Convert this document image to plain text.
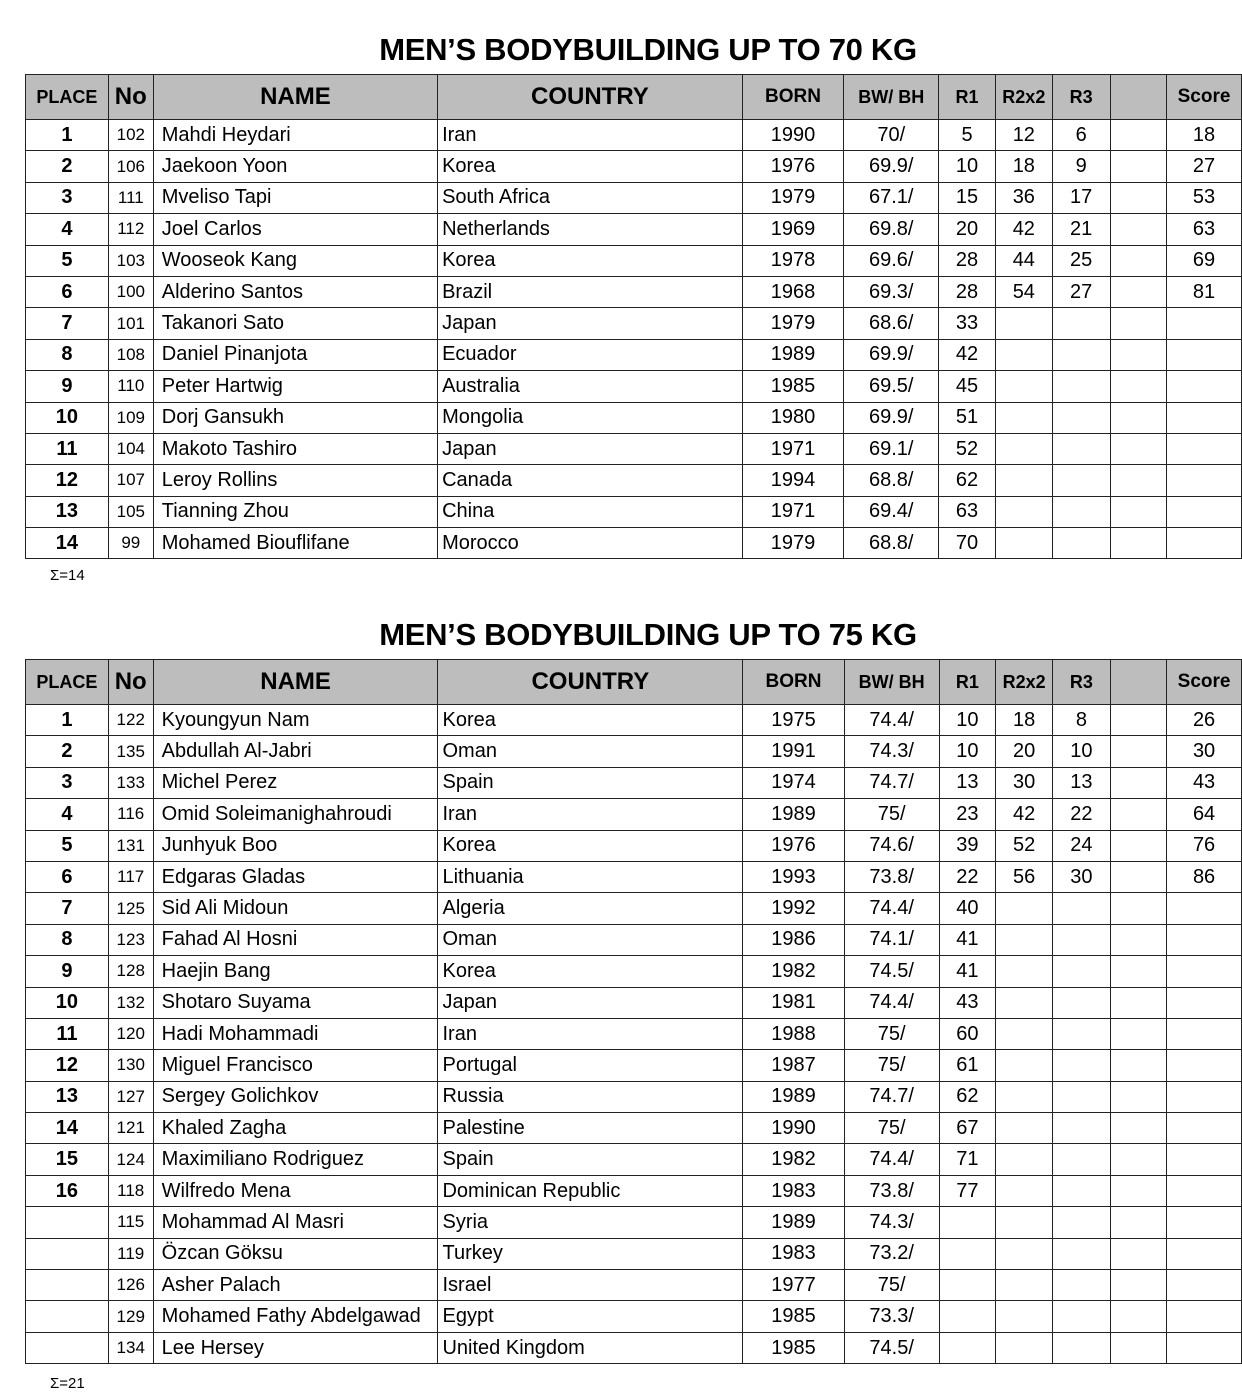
MEN’S BODYBUILDING UP TO 70 KG
PLACE	No	NAME	COUNTRY	BORN	BW/ BH	R1	R2x2	R3		Score
1	102	Mahdi Heydari	Iran	1990	70/	5	12	6		18
2	106	Jaekoon Yoon	Korea	1976	69.9/	10	18	9		27
3	111	Mveliso Tapi	South Africa	1979	67.1/	15	36	17		53
4	112	Joel Carlos	Netherlands	1969	69.8/	20	42	21		63
5	103	Wooseok Kang	Korea	1978	69.6/	28	44	25		69
6	100	Alderino Santos	Brazil	1968	69.3/	28	54	27		81
7	101	Takanori Sato	Japan	1979	68.6/	33				
8	108	Daniel Pinanjota	Ecuador	1989	69.9/	42				
9	110	Peter Hartwig	Australia	1985	69.5/	45				
10	109	Dorj Gansukh	Mongolia	1980	69.9/	51				
11	104	Makoto Tashiro	Japan	1971	69.1/	52				
12	107	Leroy Rollins	Canada	1994	68.8/	62				
13	105	Tianning Zhou	China	1971	69.4/	63				
14	99	Mohamed Biouflifane	Morocco	1979	68.8/	70				
Σ=14
MEN’S BODYBUILDING UP TO 75 KG
PLACE	No	NAME	COUNTRY	BORN	BW/ BH	R1	R2x2	R3		Score
1	122	Kyoungyun Nam	Korea	1975	74.4/	10	18	8		26
2	135	Abdullah Al-Jabri	Oman	1991	74.3/	10	20	10		30
3	133	Michel Perez	Spain	1974	74.7/	13	30	13		43
4	116	Omid Soleimanighahroudi	Iran	1989	75/	23	42	22		64
5	131	Junhyuk Boo	Korea	1976	74.6/	39	52	24		76
6	117	Edgaras Gladas	Lithuania	1993	73.8/	22	56	30		86
7	125	Sid Ali Midoun	Algeria	1992	74.4/	40				
8	123	Fahad Al Hosni	Oman	1986	74.1/	41				
9	128	Haejin Bang	Korea	1982	74.5/	41				
10	132	Shotaro Suyama	Japan	1981	74.4/	43				
11	120	Hadi Mohammadi	Iran	1988	75/	60				
12	130	Miguel Francisco	Portugal	1987	75/	61				
13	127	Sergey Golichkov	Russia	1989	74.7/	62				
14	121	Khaled Zagha	Palestine	1990	75/	67				
15	124	Maximiliano Rodriguez	Spain	1982	74.4/	71				
16	118	Wilfredo Mena	Dominican Republic	1983	73.8/	77				
	115	Mohammad Al Masri	Syria	1989	74.3/					
	119	Özcan Göksu	Turkey	1983	73.2/					
	126	Asher Palach	Israel	1977	75/					
	129	Mohamed Fathy Abdelgawad	Egypt	1985	73.3/					
	134	Lee Hersey	United Kingdom	1985	74.5/					
Σ=21
